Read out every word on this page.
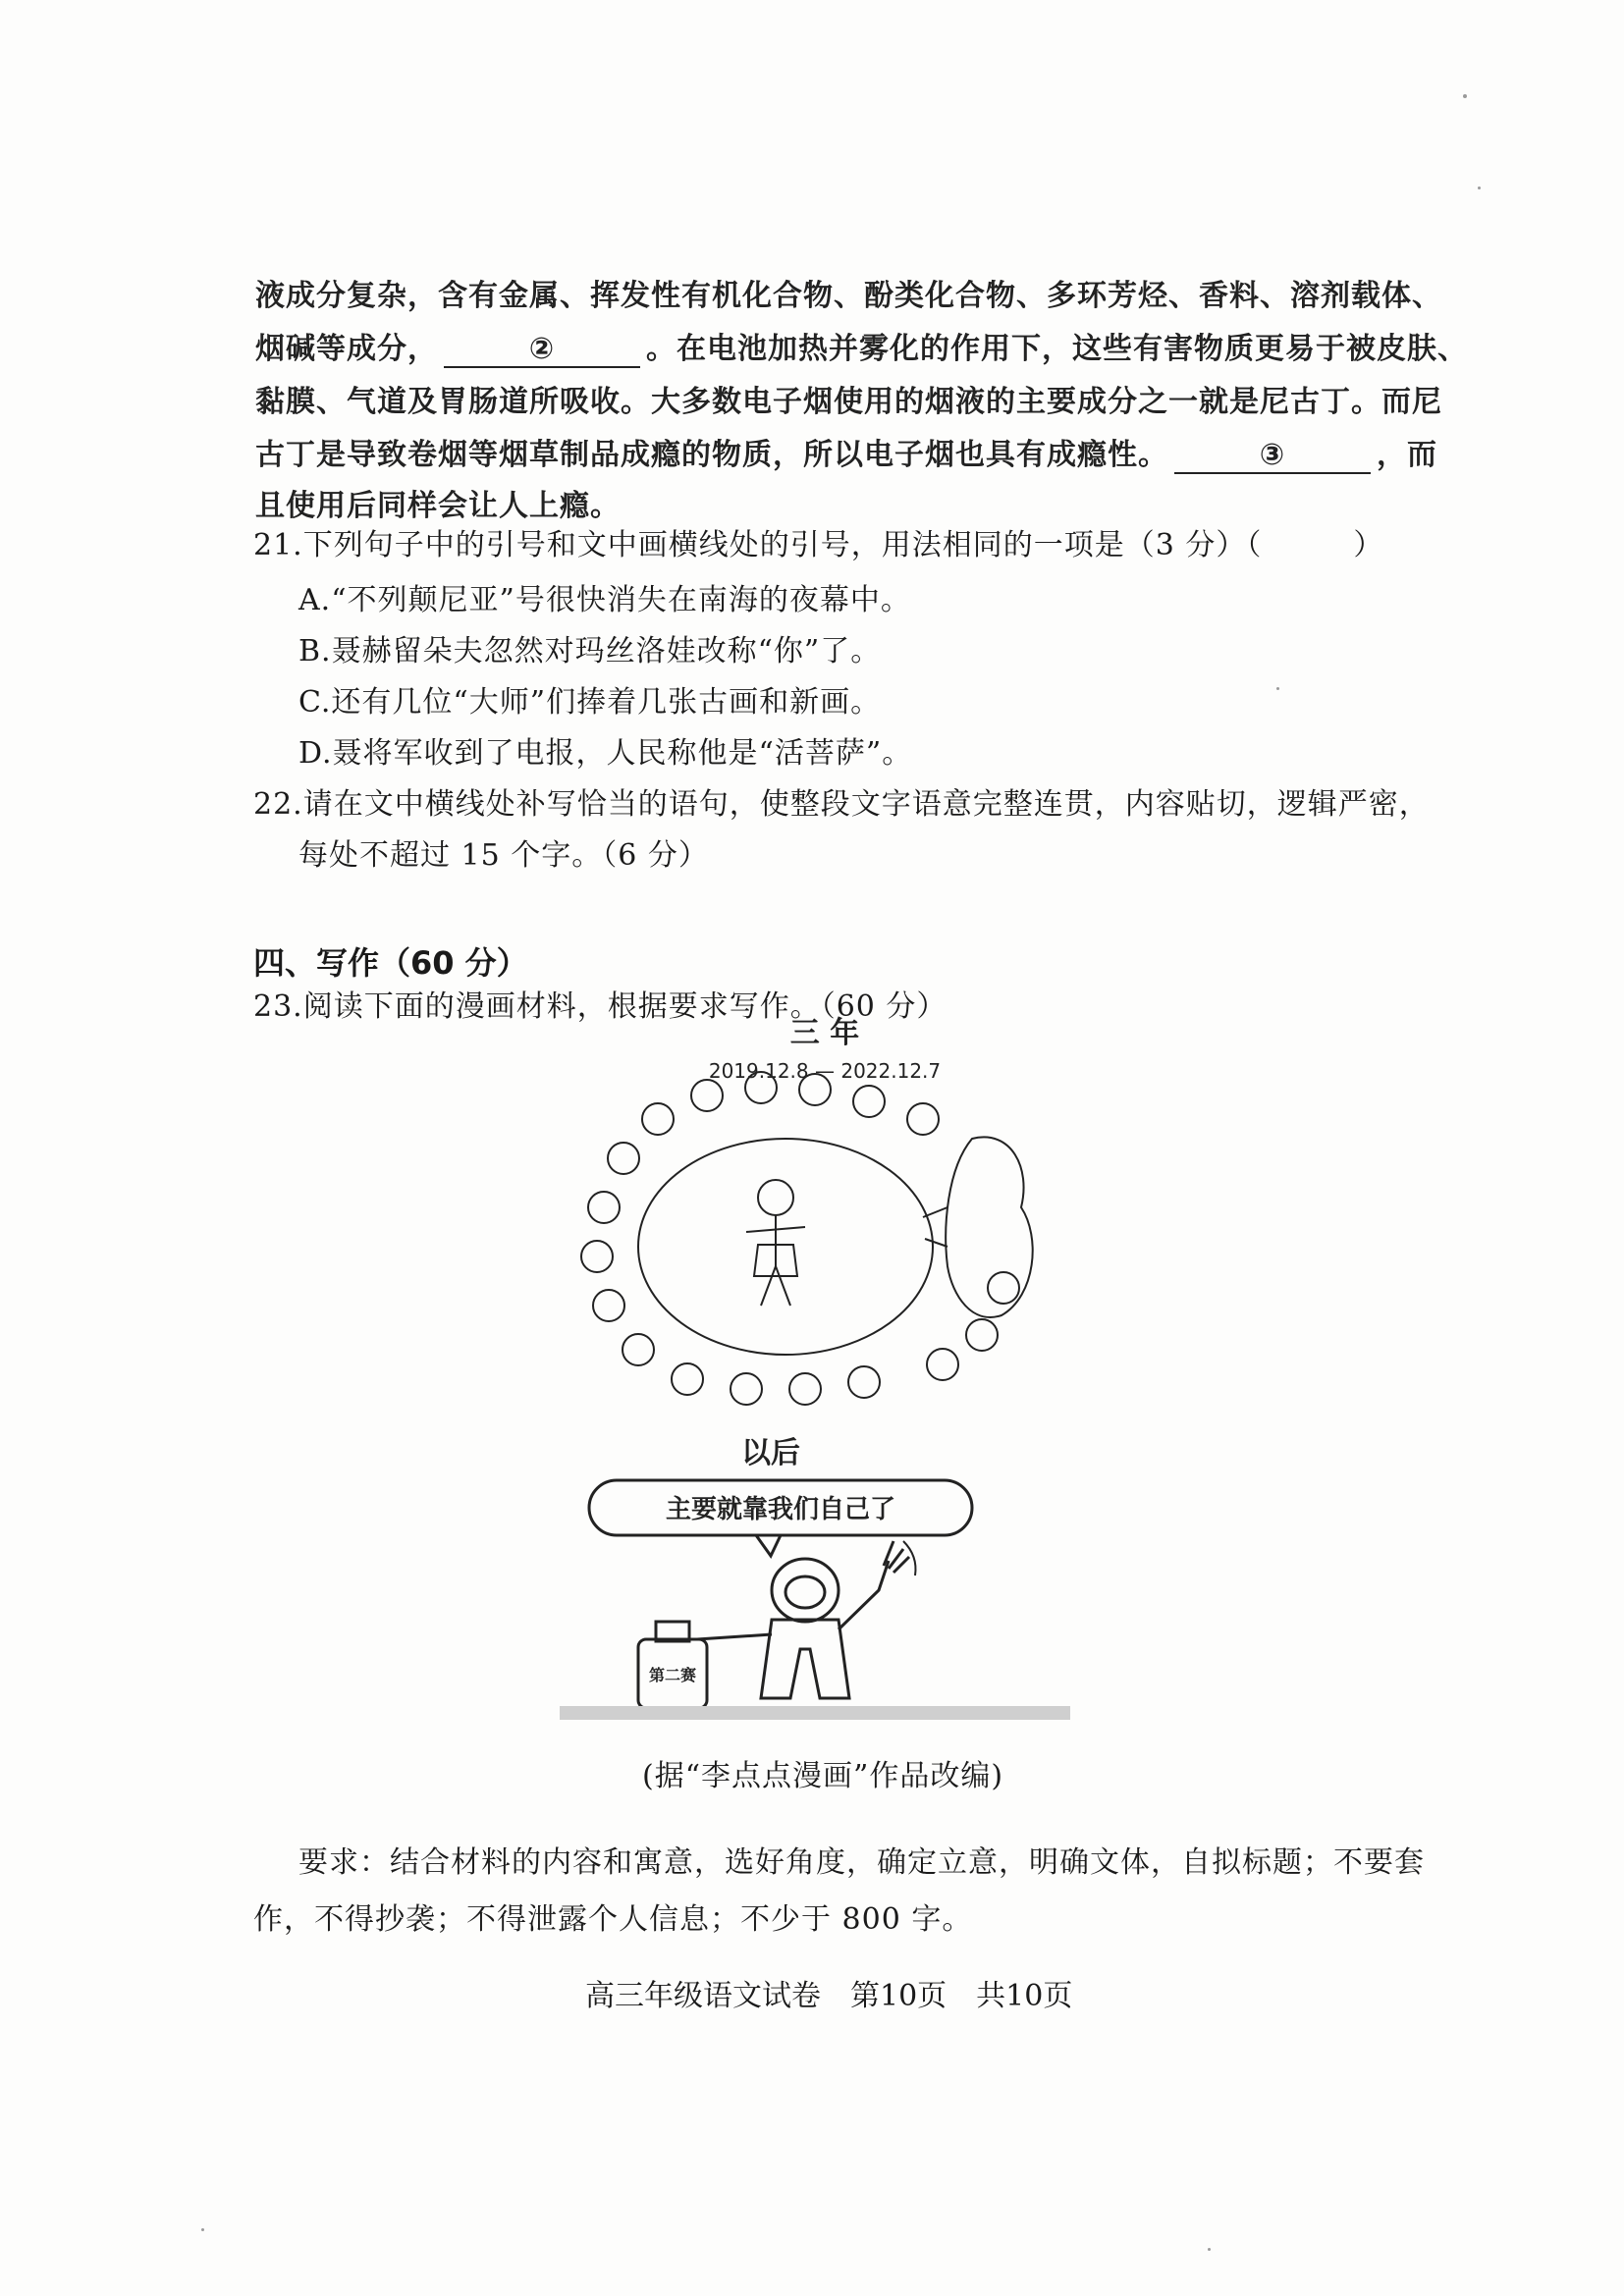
液成分复杂，含有金属、挥发性有机化合物、酚类化合物、多环芳烃、香料、溶剂载体、
烟碱等成分，	②	。在电池加热并雾化的作用下，这些有害物质更易于被皮肤、
黏膜、气道及胃肠道所吸收。大多数电子烟使用的烟液的主要成分之一就是尼古丁。而尼
古丁是导致卷烟等烟草制品成瘾的物质，所以电子烟也具有成瘾性。	③	，而
且使用后同样会让人上瘾。
21.下列句子中的引号和文中画横线处的引号，用法相同的一项是（3 分）（　　　）
A.“不列颠尼亚”号很快消失在南海的夜幕中。
B.聂赫留朵夫忽然对玛丝洛娃改称“你”了。
C.还有几位“大师”们捧着几张古画和新画。
D.聂将军收到了电报，人民称他是“活菩萨”。
22.请在文中横线处补写恰当的语句，使整段文字语意完整连贯，内容贴切，逻辑严密，
每处不超过 15 个字。（6 分）
四、写作（60 分）
23.阅读下面的漫画材料，根据要求写作。（60 分）
三 年
2019.12.8 — 2022.12.7
以后
主要就靠我们自己了
第二赛
(据“李点点漫画”作品改编)
要求：结合材料的内容和寓意，选好角度，确定立意，明确文体，自拟标题；不要套
作，不得抄袭；不得泄露个人信息；不少于 800 字。
高三年级语文试卷　第10页　共10页
